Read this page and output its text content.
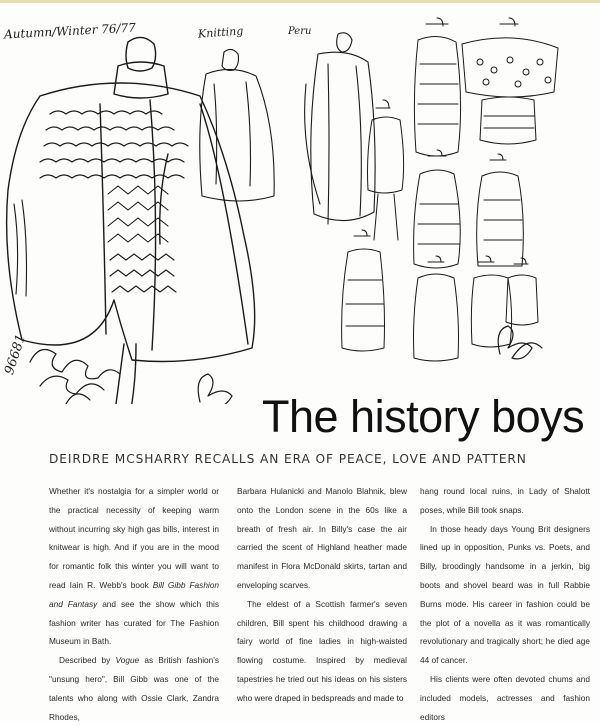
Autumn/Winter 76/77	Knitting	Peru
96681
The history boys
DEIRDRE MCSHARRY RECALLS AN ERA OF PEACE, LOVE AND PATTERN

Whether it's nostalgia for a simpler world or the practical necessity of keeping warm without incurring sky high gas bills, interest in knitwear is high. And if you are in the mood for romantic folk this winter you will want to read Iain R. Webb's book Bill Gibb Fashion and Fantasy and see the show which this fashion writer has curated for The Fashion Museum in Bath.

Described by Vogue as British fashion's "unsung hero", Bill Gibb was one of the talents who along with Ossie Clark, Zandra Rhodes,

Barbara Hulanicki and Manolo Blahnik, blew onto the London scene in the 60s like a breath of fresh air. In Billy's case the air carried the scent of Highland heather made manifest in Flora McDonald skirts, tartan and enveloping scarves.

The eldest of a Scottish farmer's seven children, Bill spent his childhood drawing a fairy world of fine ladies in high-waisted flowing costume. Inspired by medieval tapestries he tried out his ideas on his sisters who were draped in bedspreads and made to

hang round local ruins, in Lady of Shalott poses, while Bill took snaps.

In those heady days Young Brit designers lined up in opposition, Punks vs. Poets, and Billy, broodingly handsome in a jerkin, big boots and shovel beard was in full Rabbie Burns mode. His career in fashion could be the plot of a novella as it was romantically revolutionary and tragically short; he died age 44 of cancer.

His clients were often devoted chums and included models, actresses and fashion editors
